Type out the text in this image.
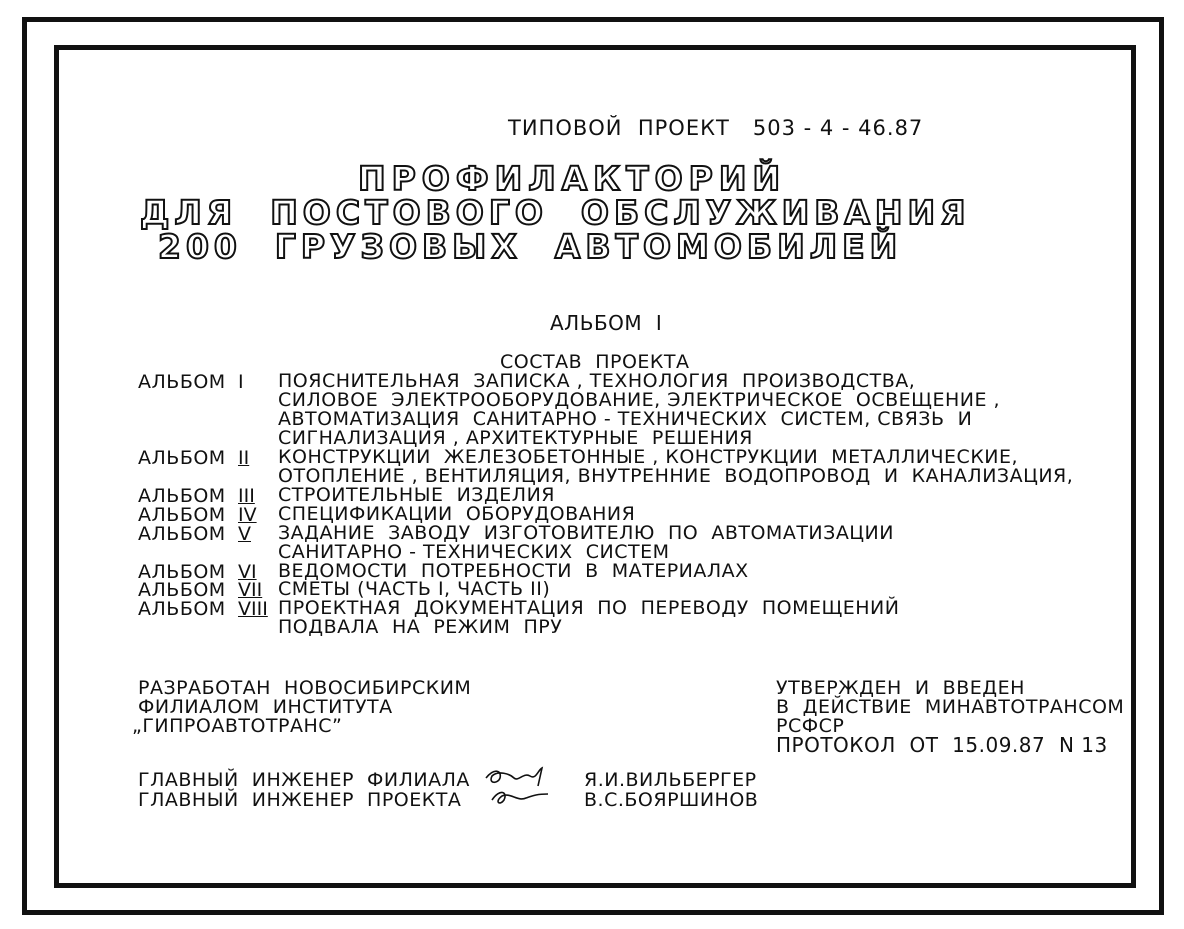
ТИПОВОЙ  ПРОЕКТ   503 - 4 - 46.87
ПРОФИЛАКТОРИЙ
ДЛЯ  ПОСТОВОГО  ОБСЛУЖИВАНИЯ
200  ГРУЗОВЫХ  АВТОМОБИЛЕЙ
АЛЬБОМ  I
СОСТАВ  ПРОЕКТА
АЛЬБОМ I ПОЯСНИТЕЛЬНАЯ  ЗАПИСКА , ТЕХНОЛОГИЯ  ПРОИЗВОДСТВА,
СИЛОВОЕ  ЭЛЕКТРООБОРУДОВАНИЕ, ЭЛЕКТРИЧЕСКОЕ  ОСВЕЩЕНИЕ ,
АВТОМАТИЗАЦИЯ  САНИТАРНО - ТЕХНИЧЕСКИХ  СИСТЕМ, СВЯЗЬ  И
СИГНАЛИЗАЦИЯ , АРХИТЕКТУРНЫЕ  РЕШЕНИЯ
АЛЬБОМ II КОНСТРУКЦИИ  ЖЕЛЕЗОБЕТОННЫЕ , КОНСТРУКЦИИ  МЕТАЛЛИЧЕСКИЕ,
ОТОПЛЕНИЕ , ВЕНТИЛЯЦИЯ, ВНУТРЕННИЕ  ВОДОПРОВОД  И  КАНАЛИЗАЦИЯ,
АЛЬБОМ III СТРОИТЕЛЬНЫЕ  ИЗДЕЛИЯ
АЛЬБОМ IV СПЕЦИФИКАЦИИ  ОБОРУДОВАНИЯ
АЛЬБОМ V ЗАДАНИЕ  ЗАВОДУ  ИЗГОТОВИТЕЛЮ  ПО  АВТОМАТИЗАЦИИ
САНИТАРНО - ТЕХНИЧЕСКИХ  СИСТЕМ
АЛЬБОМ VI ВЕДОМОСТИ  ПОТРЕБНОСТИ  В  МАТЕРИАЛАХ
АЛЬБОМ VII СМЕТЫ (ЧАСТЬ I, ЧАСТЬ II)
АЛЬБОМ VIII ПРОЕКТНАЯ  ДОКУМЕНТАЦИЯ  ПО  ПЕРЕВОДУ  ПОМЕЩЕНИЙ
ПОДВАЛА  НА  РЕЖИМ  ПРУ
РАЗРАБОТАН  НОВОСИБИРСКИМ
ФИЛИАЛОМ  ИНСТИТУТА
„ГИПРОАВТОТРАНС”
УТВЕРЖДЕН  И  ВВЕДЕН
В  ДЕЙСТВИЕ  МИНАВТОТРАНСОМ
РСФСР
ПРОТОКОЛ  ОТ  15.09.87  N 13
ГЛАВНЫЙ  ИНЖЕНЕР  ФИЛИАЛА
ГЛАВНЫЙ  ИНЖЕНЕР  ПРОЕКТА
Я.И.ВИЛЬБЕРГЕР
В.С.БОЯРШИНОВ
